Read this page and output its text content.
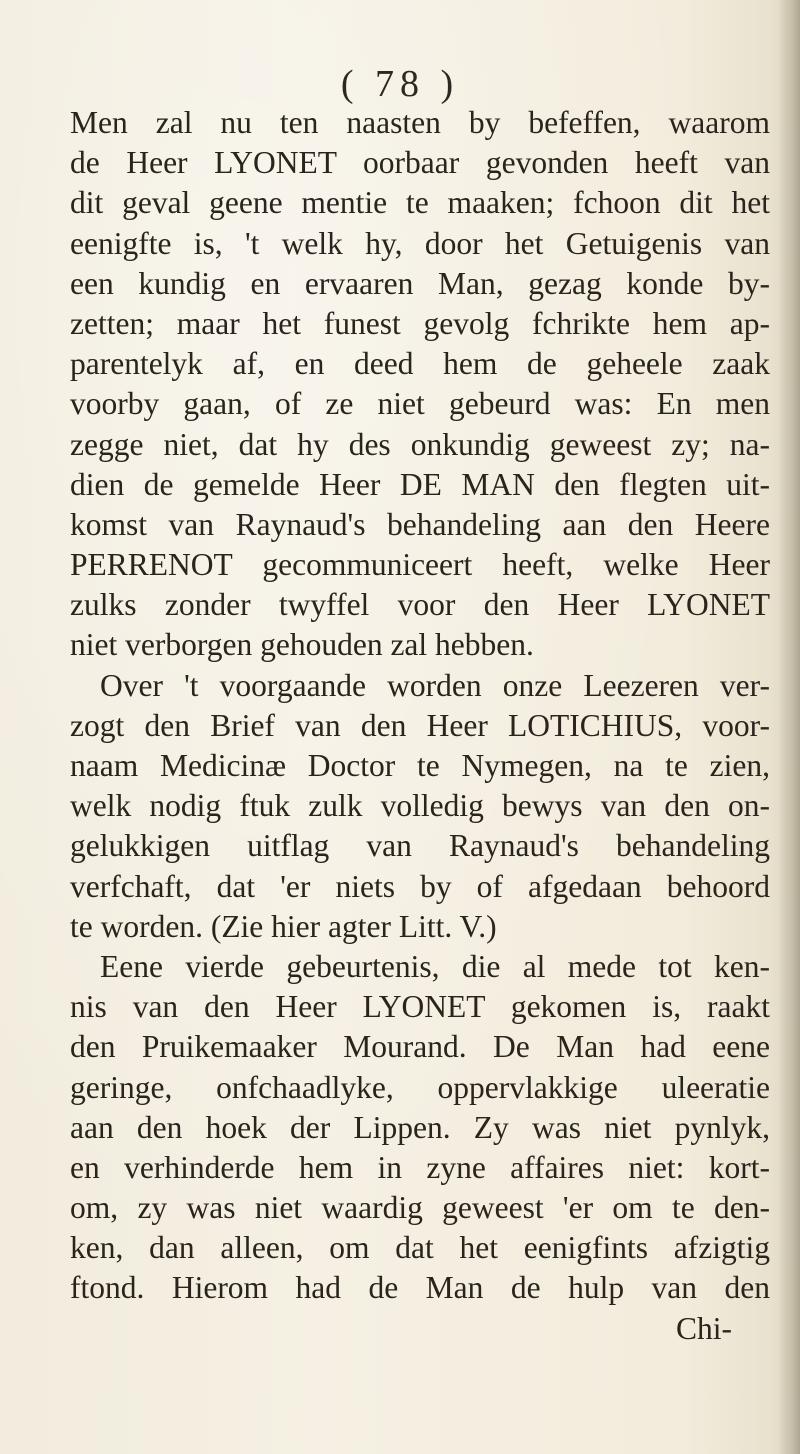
( 78 )
Men zal nu ten naasten by befeffen, waarom
de Heer LYONET oorbaar gevonden heeft van
dit geval geene mentie te maaken; fchoon dit het
eenigfte is, 't welk hy, door het Getuigenis van
een kundig en ervaaren Man, gezag konde by-
zetten; maar het funest gevolg fchrikte hem ap-
parentelyk af, en deed hem de geheele zaak
voorby gaan, of ze niet gebeurd was: En men
zegge niet, dat hy des onkundig geweest zy; na-
dien de gemelde Heer DE MAN den flegten uit-
komst van Raynaud's behandeling aan den Heere
PERRENOT gecommuniceert heeft, welke Heer
zulks zonder twyffel voor den Heer LYONET
niet verborgen gehouden zal hebben.
Over 't voorgaande worden onze Leezeren ver-
zogt den Brief van den Heer LOTICHIUS, voor-
naam Medicinæ Doctor te Nymegen, na te zien,
welk nodig ftuk zulk volledig bewys van den on-
gelukkigen uitflag van Raynaud's behandeling
verfchaft, dat 'er niets by of afgedaan behoord
te worden. (Zie hier agter Litt. V.)
Eene vierde gebeurtenis, die al mede tot ken-
nis van den Heer LYONET gekomen is, raakt
den Pruikemaaker Mourand. De Man had eene
geringe, onfchaadlyke, oppervlakkige uleeratie
aan den hoek der Lippen. Zy was niet pynlyk,
en verhinderde hem in zyne affaires niet: kort-
om, zy was niet waardig geweest 'er om te den-
ken, dan alleen, om dat het eenigfints afzigtig
ftond. Hierom had de Man de hulp van den
Chi-
